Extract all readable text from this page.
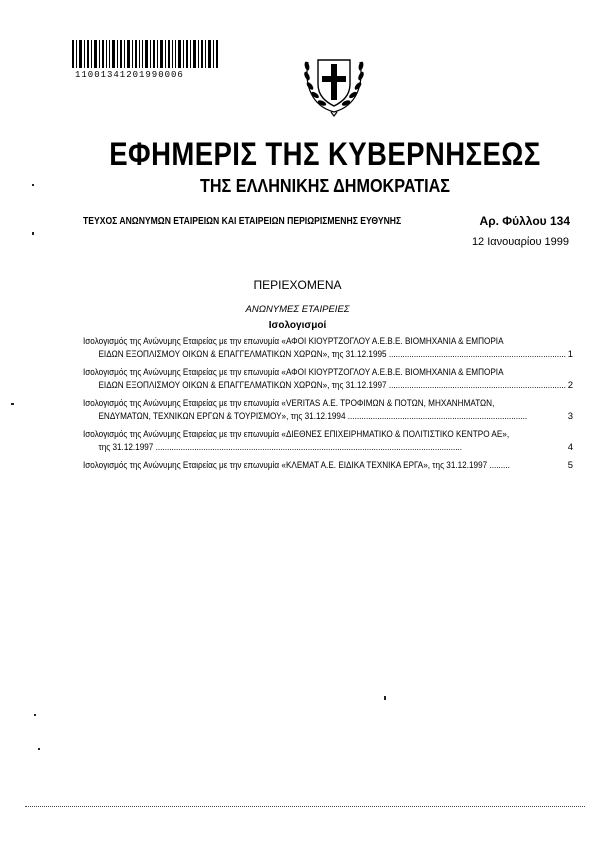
11001341201990006
ΕΦΗΜΕΡΙΣ ΤΗΣ ΚΥΒΕΡΝΗΣΕΩΣ
ΤΗΣ ΕΛΛΗΝΙΚΗΣ ΔΗΜΟΚΡΑΤΙΑΣ
ΤΕΥΧΟΣ ΑΝΩΝΥΜΩΝ ΕΤΑΙΡΕΙΩΝ ΚΑΙ ΕΤΑΙΡΕΙΩΝ ΠΕΡΙΩΡΙΣΜΕΝΗΣ ΕΥΘΥΝΗΣ	Αρ. Φύλλου 134
12 Ιανουαρίου 1999
ΠΕΡΙΕΧΟΜΕΝΑ
ΑΝΩΝΥΜΕΣ ΕΤΑΙΡΕΙΕΣ
Ισολογισμοί
Ισολογισμός της Ανώνυμης Εταιρείας με την επωνυμία «ΑΦΟΙ ΚΙΟΥΡΤΖΟΓΛΟΥ Α.Ε.Β.Ε. ΒΙΟΜΗΧΑΝΙΑ & ΕΜΠΟΡΙΑ
ΕΙΔΩΝ ΕΞΟΠΛΙΣΜΟΥ ΟΙΚΩΝ & ΕΠΑΓΓΕΛΜΑΤΙΚΩΝ ΧΩΡΩΝ», της 31.12.1995 .............................................................................. 1
Ισολογισμός της Ανώνυμης Εταιρείας με την επωνυμία «ΑΦΟΙ ΚΙΟΥΡΤΖΟΓΛΟΥ Α.Ε.Β.Ε. ΒΙΟΜΗΧΑΝΙΑ & ΕΜΠΟΡΙΑ
ΕΙΔΩΝ ΕΞΟΠΛΙΣΜΟΥ ΟΙΚΩΝ & ΕΠΑΓΓΕΛΜΑΤΙΚΩΝ ΧΩΡΩΝ», της 31.12.1997 .............................................................................. 2
Ισολογισμός της Ανώνυμης Εταιρείας με την επωνυμία «VERITAS Α.Ε. ΤΡΟΦΙΜΩΝ & ΠΟΤΩΝ, ΜΗΧΑΝΗΜΑΤΩΝ,
ΕΝΔΥΜΑΤΩΝ, ΤΕΧΝΙΚΩΝ ΕΡΓΩΝ & ΤΟΥΡΙΣΜΟΥ», της 31.12.1994 ...............................................................................	3
Ισολογισμός της Ανώνυμης Εταιρείας με την επωνυμία «ΔΙΕΘΝΕΣ ΕΠΙΧΕΙΡΗΜΑΤΙΚΟ & ΠΟΛΙΤΙΣΤΙΚΟ ΚΕΝΤΡΟ ΑΕ»,
της 31.12.1997 .......................................................................................................................................	4
Ισολογισμός της Ανώνυμης Εταιρείας με την επωνυμία «ΚΛΕΜΑΤ Α.Ε. ΕΙΔΙΚΑ ΤΕΧΝΙΚΑ ΕΡΓΑ», της 31.12.1997 .........	5
